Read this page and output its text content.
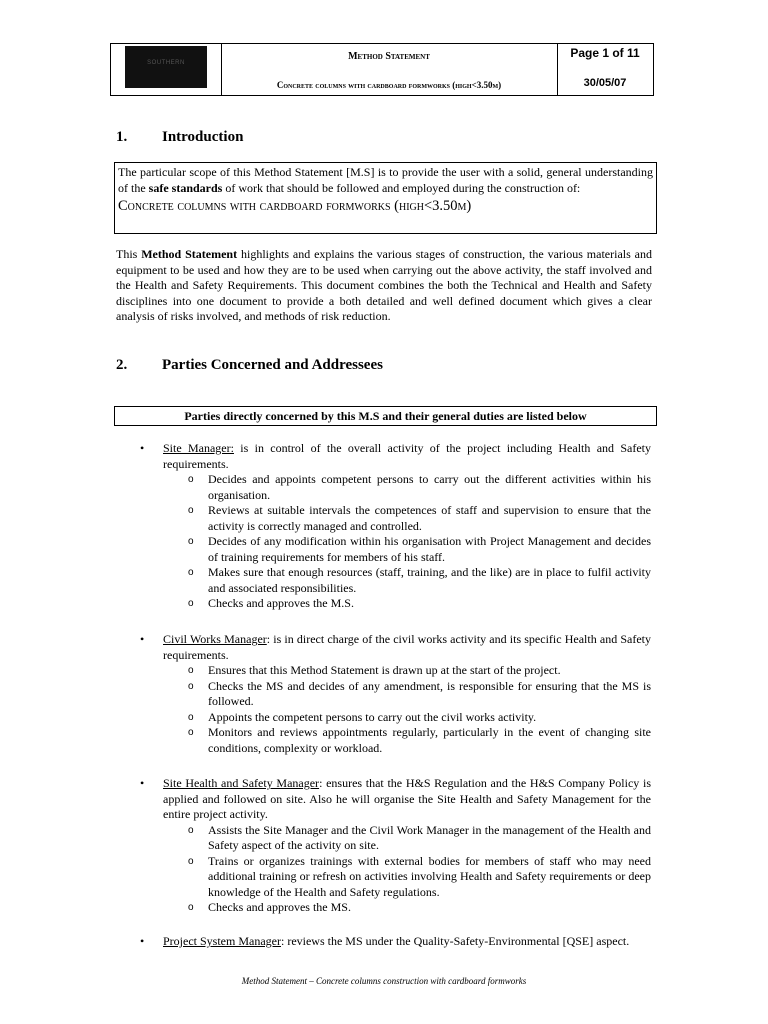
SOUTHERN
Method Statement
Concrete columns with cardboard formworks (high<3.50m)
Page 1 of 11
30/05/07
1. Introduction

The particular scope of this Method Statement [M.S] is to provide the user with a solid, general understanding of the safe standards of work that should be followed and employed during the construction of:

Concrete columns with cardboard formworks (high<3.50m)

This Method Statement highlights and explains the various stages of construction, the various materials and equipment to be used and how they are to be used when carrying out the above activity, the staff involved and the Health and Safety Requirements. This document combines the both the Technical and Health and Safety disciplines into one document to provide a both detailed and well defined document which gives a clear analysis of risks involved, and methods of risk reduction.

2. Parties Concerned and Addressees
Parties directly concerned by this M.S and their general duties are listed below
• Site Manager: is in control of the overall activity of the project including Health and Safety requirements.
o Decides and appoints competent persons to carry out the different activities within his organisation.
o Reviews at suitable intervals the competences of staff and supervision to ensure that the activity is correctly managed and controlled.
o Decides of any modification within his organisation with Project Management and decides of training requirements for members of his staff.
o Makes sure that enough resources (staff, training, and the like) are in place to fulfil activity and associated responsibilities.
o Checks and approves the M.S.
• Civil Works Manager: is in direct charge of the civil works activity and its specific Health and Safety requirements.
o Ensures that this Method Statement is drawn up at the start of the project.
o Checks the MS and decides of any amendment, is responsible for ensuring that the MS is followed.
o Appoints the competent persons to carry out the civil works activity.
o Monitors and reviews appointments regularly, particularly in the event of changing site conditions, complexity or workload.
• Site Health and Safety Manager: ensures that the H&S Regulation and the H&S Company Policy is applied and followed on site. Also he will organise the Site Health and Safety Management for the entire project activity.
o Assists the Site Manager and the Civil Work Manager in the management of the Health and Safety aspect of the activity on site.
o Trains or organizes trainings with external bodies for members of staff who may need additional training or refresh on activities involving Health and Safety requirements or deep knowledge of the Health and Safety regulations.
o Checks and approves the MS.
• Project System Manager: reviews the MS under the Quality-Safety-Environmental [QSE] aspect.
Method Statement – Concrete columns construction with cardboard formworks
